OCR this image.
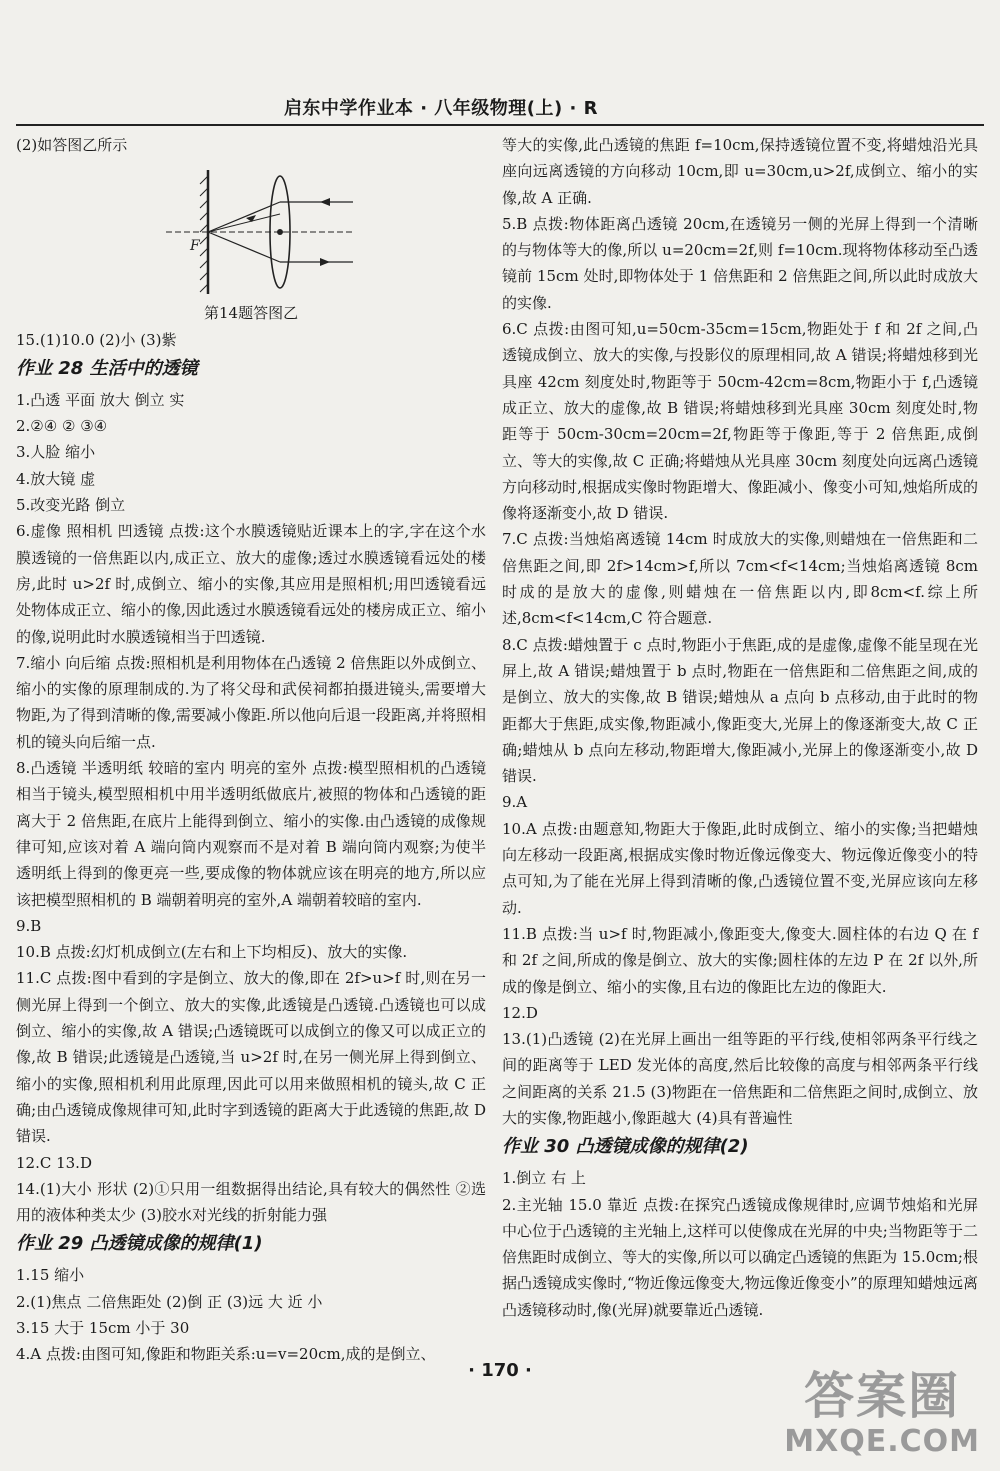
启东中学作业本 · 八年级物理(上) · R

(2)如答图乙所示

F

第14题答图乙

15.(1)10.0 (2)小 (3)紫

作业 28 生活中的透镜

1.凸透 平面 放大 倒立 实

2.②④ ② ③④

3.人脸 缩小

4.放大镜 虚

5.改变光路 倒立

6.虚像 照相机 凹透镜 点拨:这个水膜透镜贴近课本上的字,字在这个水膜透镜的一倍焦距以内,成正立、放大的虚像;透过水膜透镜看远处的楼房,此时 u>2f 时,成倒立、缩小的实像,其应用是照相机;用凹透镜看远处物体成正立、缩小的像,因此透过水膜透镜看远处的楼房成正立、缩小的像,说明此时水膜透镜相当于凹透镜.

7.缩小 向后缩 点拨:照相机是利用物体在凸透镜 2 倍焦距以外成倒立、缩小的实像的原理制成的.为了将父母和武侯祠都拍摄进镜头,需要增大物距,为了得到清晰的像,需要减小像距.所以他向后退一段距离,并将照相机的镜头向后缩一点.

8.凸透镜 半透明纸 较暗的室内 明亮的室外 点拨:模型照相机的凸透镜相当于镜头,模型照相机中用半透明纸做底片,被照的物体和凸透镜的距离大于 2 倍焦距,在底片上能得到倒立、缩小的实像.由凸透镜的成像规律可知,应该对着 A 端向筒内观察而不是对着 B 端向筒内观察;为使半透明纸上得到的像更亮一些,要成像的物体就应该在明亮的地方,所以应该把模型照相机的 B 端朝着明亮的室外,A 端朝着较暗的室内.

9.B

10.B 点拨:幻灯机成倒立(左右和上下均相反)、放大的实像.

11.C 点拨:图中看到的字是倒立、放大的像,即在 2f>u>f 时,则在另一侧光屏上得到一个倒立、放大的实像,此透镜是凸透镜.凸透镜也可以成倒立、缩小的实像,故 A 错误;凸透镜既可以成倒立的像又可以成正立的像,故 B 错误;此透镜是凸透镜,当 u>2f 时,在另一侧光屏上得到倒立、缩小的实像,照相机利用此原理,因此可以用来做照相机的镜头,故 C 正确;由凸透镜成像规律可知,此时字到透镜的距离大于此透镜的焦距,故 D 错误.

12.C 13.D

14.(1)大小 形状 (2)①只用一组数据得出结论,具有较大的偶然性 ②选用的液体种类太少 (3)胶水对光线的折射能力强

作业 29 凸透镜成像的规律(1)

1.15 缩小

2.(1)焦点 二倍焦距处 (2)倒 正 (3)远 大 近 小

3.15 大于 15cm 小于 30

4.A 点拨:由图可知,像距和物距关系:u=v=20cm,成的是倒立、

等大的实像,此凸透镜的焦距 f=10cm,保持透镜位置不变,将蜡烛沿光具座向远离透镜的方向移动 10cm,即 u=30cm,u>2f,成倒立、缩小的实像,故 A 正确.

5.B 点拨:物体距离凸透镜 20cm,在透镜另一侧的光屏上得到一个清晰的与物体等大的像,所以 u=20cm=2f,则 f=10cm.现将物体移动至凸透镜前 15cm 处时,即物体处于 1 倍焦距和 2 倍焦距之间,所以此时成放大的实像.

6.C 点拨:由图可知,u=50cm-35cm=15cm,物距处于 f 和 2f 之间,凸透镜成倒立、放大的实像,与投影仪的原理相同,故 A 错误;将蜡烛移到光具座 42cm 刻度处时,物距等于 50cm-42cm=8cm,物距小于 f,凸透镜成正立、放大的虚像,故 B 错误;将蜡烛移到光具座 30cm 刻度处时,物距等于 50cm-30cm=20cm=2f,物距等于像距,等于 2 倍焦距,成倒立、等大的实像,故 C 正确;将蜡烛从光具座 30cm 刻度处向远离凸透镜方向移动时,根据成实像时物距增大、像距减小、像变小可知,烛焰所成的像将逐渐变小,故 D 错误.

7.C 点拨:当烛焰离透镜 14cm 时成放大的实像,则蜡烛在一倍焦距和二倍焦距之间,即 2f>14cm>f,所以 7cm<f<14cm;当烛焰离透镜 8cm 时成的是放大的虚像,则蜡烛在一倍焦距以内,即8cm<f.综上所述,8cm<f<14cm,C 符合题意.

8.C 点拨:蜡烛置于 c 点时,物距小于焦距,成的是虚像,虚像不能呈现在光屏上,故 A 错误;蜡烛置于 b 点时,物距在一倍焦距和二倍焦距之间,成的是倒立、放大的实像,故 B 错误;蜡烛从 a 点向 b 点移动,由于此时的物距都大于焦距,成实像,物距减小,像距变大,光屏上的像逐渐变大,故 C 正确;蜡烛从 b 点向左移动,物距增大,像距减小,光屏上的像逐渐变小,故 D 错误.

9.A

10.A 点拨:由题意知,物距大于像距,此时成倒立、缩小的实像;当把蜡烛向左移动一段距离,根据成实像时物近像远像变大、物远像近像变小的特点可知,为了能在光屏上得到清晰的像,凸透镜位置不变,光屏应该向左移动.

11.B 点拨:当 u>f 时,物距减小,像距变大,像变大.圆柱体的右边 Q 在 f 和 2f 之间,所成的像是倒立、放大的实像;圆柱体的左边 P 在 2f 以外,所成的像是倒立、缩小的实像,且右边的像距比左边的像距大.

12.D

13.(1)凸透镜 (2)在光屏上画出一组等距的平行线,使相邻两条平行线之间的距离等于 LED 发光体的高度,然后比较像的高度与相邻两条平行线之间距离的关系 21.5 (3)物距在一倍焦距和二倍焦距之间时,成倒立、放大的实像,物距越小,像距越大 (4)具有普遍性

作业 30 凸透镜成像的规律(2)

1.倒立 右 上

2.主光轴 15.0 靠近 点拨:在探究凸透镜成像规律时,应调节烛焰和光屏中心位于凸透镜的主光轴上,这样可以使像成在光屏的中央;当物距等于二倍焦距时成倒立、等大的实像,所以可以确定凸透镜的焦距为 15.0cm;根据凸透镜成实像时,“物近像远像变大,物远像近像变小”的原理知蜡烛远离凸透镜移动时,像(光屏)就要靠近凸透镜.

· 170 ·	答案圈
MXQE.COM
